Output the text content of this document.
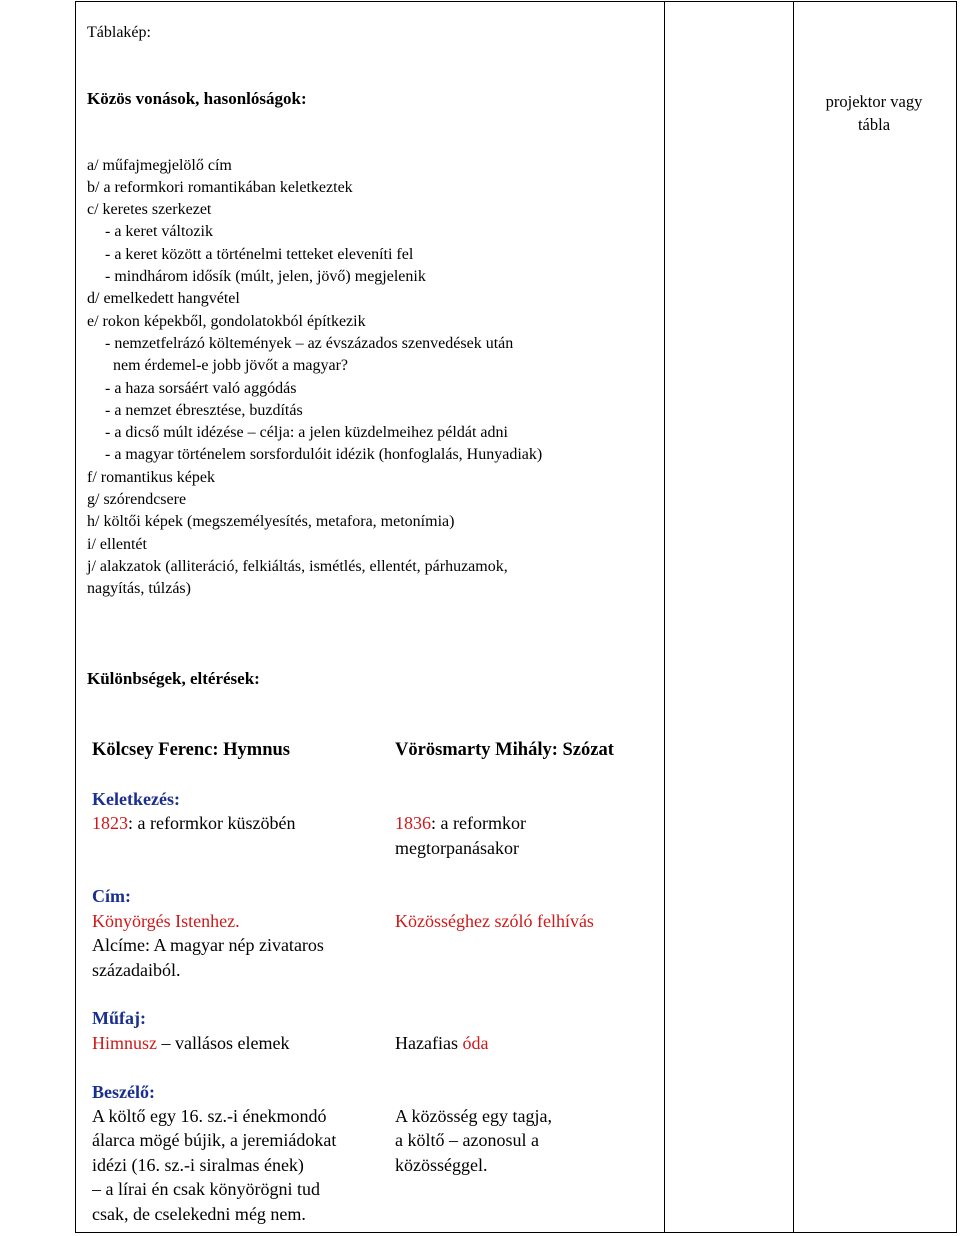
Táblakép:
Közös vonások, hasonlóságok:
a/ műfajmegjelölő cím
b/ a reformkori romantikában keletkeztek
c/ keretes szerkezet
- a keret változik
- a keret között a történelmi tetteket eleveníti fel
- mindhárom idősík (múlt, jelen, jövő) megjelenik
d/ emelkedett hangvétel
e/ rokon képekből, gondolatokból építkezik
- nemzetfelrázó költemények – az évszázados szenvedések után
nem érdemel-e jobb jövőt a magyar?
- a haza sorsáért való aggódás
- a nemzet ébresztése, buzdítás
- a dicső múlt idézése – célja: a jelen küzdelmeihez példát adni
- a magyar történelem sorsfordulóit idézik (honfoglalás, Hunyadiak)
f/ romantikus képek
g/ szórendcsere
h/ költői képek (megszemélyesítés, metafora, metonímia)
i/ ellentét
j/ alakzatok (alliteráció, felkiáltás, ismétlés, ellentét, párhuzamok,
nagyítás, túlzás)
Különbségek, eltérések:
projektor vagy
tábla
Kölcsey Ferenc: Hymnus
Keletkezés:
1823: a reformkor küszöbén
Cím:
Könyörgés Istenhez.
Alcíme: A magyar nép zivataros
századaiból.
Műfaj:
Himnusz – vallásos elemek
Beszélő:
A költő egy 16. sz.-i énekmondó
álarca mögé bújik, a jeremiádokat
idézi (16. sz.-i siralmas ének)
– a lírai én csak könyörögni tud
csak, de cselekedni még nem.
Vörösmarty Mihály: Szózat
1836: a reformkor
megtorpanásakor
Közösséghez szóló felhívás
Hazafias óda
A közösség egy tagja,
a költő – azonosul a
közösséggel.
